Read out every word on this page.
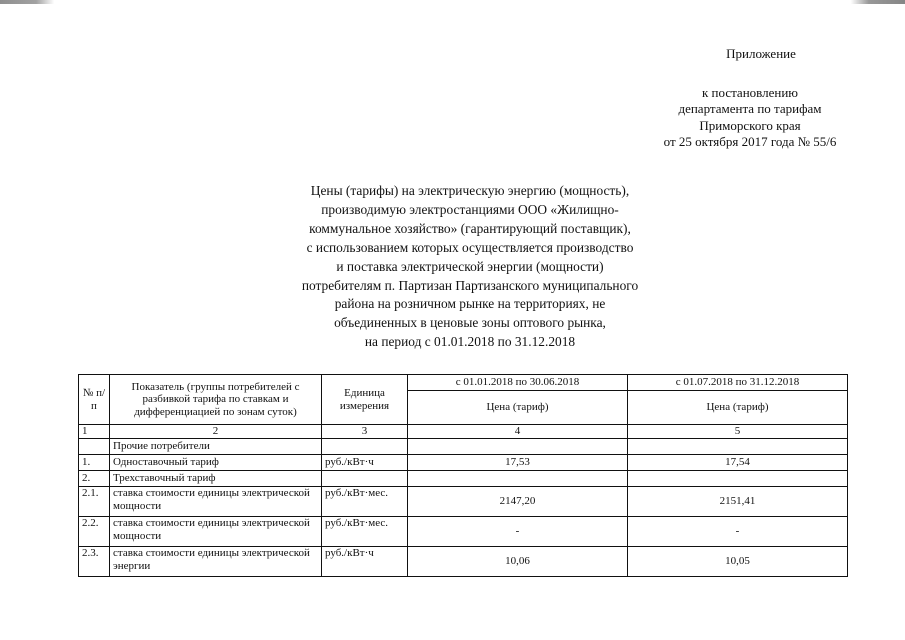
Приложение
к постановлению
департамента по тарифам
Приморского края
от 25 октября 2017 года № 55/6
Цены (тарифы) на электрическую энергию (мощность),
производимую электростанциями ООО «Жилищно-
коммунальное хозяйство» (гарантирующий поставщик),
с использованием которых осуществляется производство
и поставка электрической энергии (мощности)
потребителям п. Партизан Партизанского муниципального
района на розничном рынке на территориях, не
объединенных в ценовые зоны оптового рынка,
на период с 01.01.2018 по 31.12.2018
№ п/п	Показатель (группы потребителей с разбивкой тарифа по ставкам и дифференциацией по зонам суток)	Единица измерения	с 01.01.2018 по 30.06.2018	с 01.07.2018 по 31.12.2018
			Цена (тариф)	Цена (тариф)
1	2	3	4	5
	Прочие потребители			
1.	Одноставочный тариф	руб./кВт·ч	17,53	17,54
2.	Трехставочный тариф			
2.1.	ставка стоимости единицы электрической мощности	руб./кВт·мес.	2147,20	2151,41
2.2.	ставка стоимости единицы электрической мощности	руб./кВт·мес.	-	-
2.3.	ставка стоимости единицы электрической энергии	руб./кВт·ч	10,06	10,05
